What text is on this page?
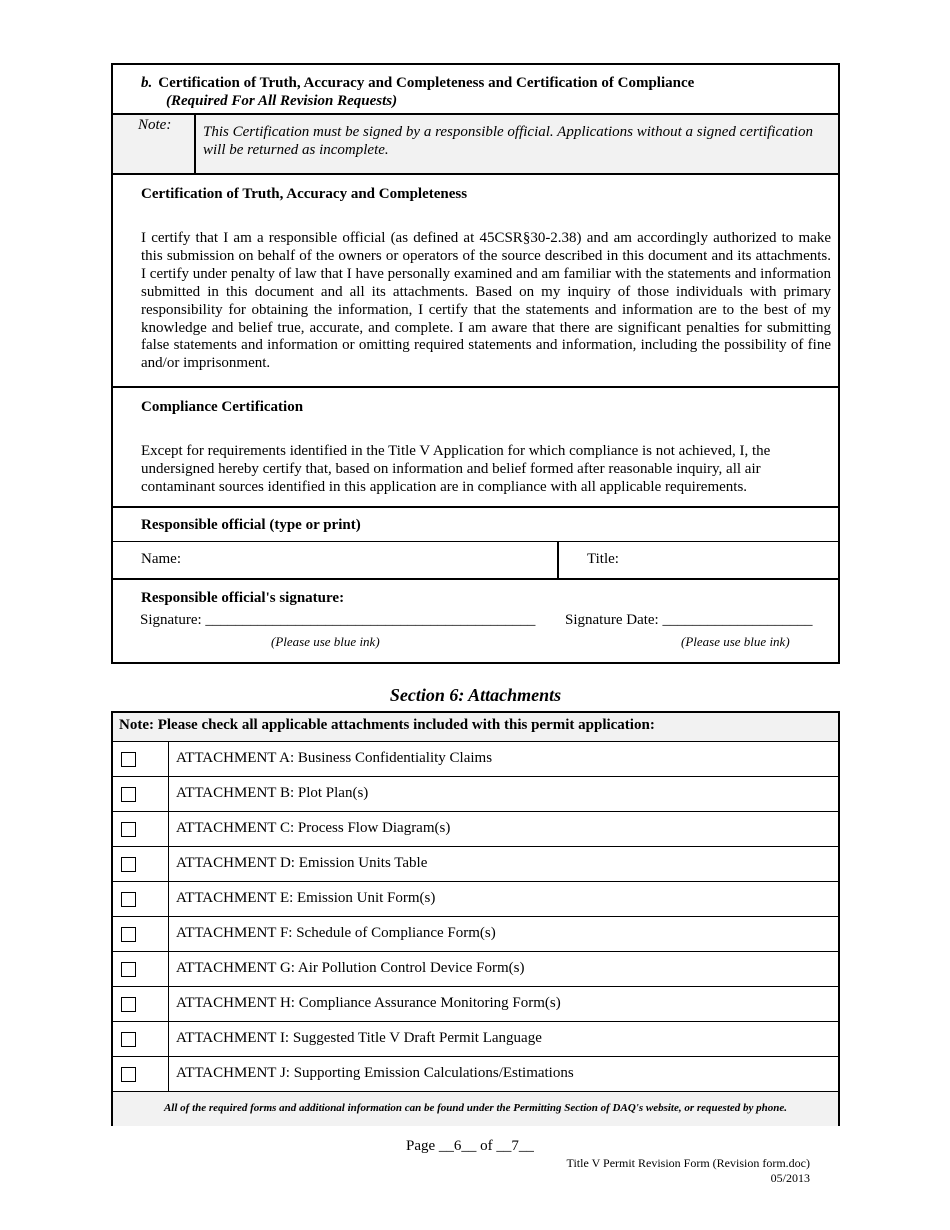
b. Certification of Truth, Accuracy and Completeness and Certification of Compliance
(Required For All Revision Requests)
Note:	This Certification must be signed by a responsible official. Applications without a signed certification will be returned as incomplete.
Certification of Truth, Accuracy and Completeness
I certify that I am a responsible official (as defined at 45CSR§30-2.38) and am accordingly authorized to make this submission on behalf of the owners or operators of the source described in this document and its attachments. I certify under penalty of law that I have personally examined and am familiar with the statements and information submitted in this document and all its attachments. Based on my inquiry of those individuals with primary responsibility for obtaining the information, I certify that the statements and information are to the best of my knowledge and belief true, accurate, and complete. I am aware that there are significant penalties for submitting false statements and information or omitting required statements and information, including the possibility of fine and/or imprisonment.
Compliance Certification
Except for requirements identified in the Title V Application for which compliance is not achieved, I, the undersigned hereby certify that, based on information and belief formed after reasonable inquiry, all air contaminant sources identified in this application are in compliance with all applicable requirements.
Responsible official (type or print)
Name:	Title:
Responsible official's signature:
Signature: ____________________________________________ Signature Date: ____________________
(Please use blue ink)	(Please use blue ink)
Section 6: Attachments
Note: Please check all applicable attachments included with this permit application:
ATTACHMENT A: Business Confidentiality Claims
ATTACHMENT B: Plot Plan(s)
ATTACHMENT C: Process Flow Diagram(s)
ATTACHMENT D: Emission Units Table
ATTACHMENT E: Emission Unit Form(s)
ATTACHMENT F: Schedule of Compliance Form(s)
ATTACHMENT G: Air Pollution Control Device Form(s)
ATTACHMENT H: Compliance Assurance Monitoring Form(s)
ATTACHMENT I: Suggested Title V Draft Permit Language
ATTACHMENT J: Supporting Emission Calculations/Estimations
All of the required forms and additional information can be found under the Permitting Section of DAQ's website, or requested by phone.
Page __6__ of __7__
Title V Permit Revision Form (Revision form.doc)
05/2013
